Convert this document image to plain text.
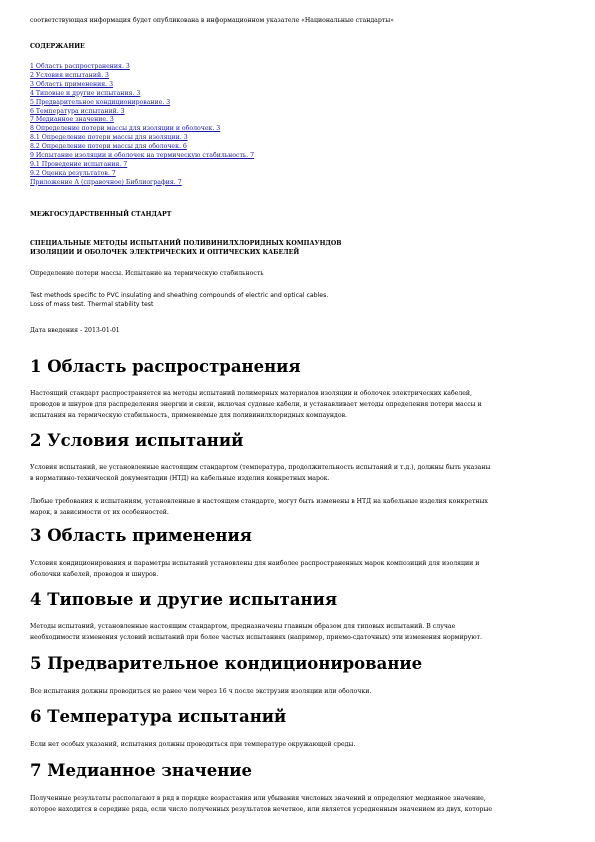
соответствующая информация будет опубликована в информационном указателе «Национальные стандарты»
СОДЕРЖАНИЕ
1 Область распространения. 3
2 Условия испытаний. 3
3 Область применения. 3
4 Типовые и другие испытания. 3
5 Предварительное кондиционирование. 3
6 Температура испытаний. 3
7 Медианное значение. 3
8 Определение потери массы для изоляции и оболочек. 3
8.1 Определение потери массы для изоляции. 3
8.2 Определение потери массы для оболочек. 6
9 Испытание изоляции и оболочек на термическую стабильность. 7
9.1 Проведение испытания. 7
9.2 Оценка результатов. 7
Приложение А (справочное) Библиография. 7
МЕЖГОСУДАРСТВЕННЫЙ СТАНДАРТ
СПЕЦИАЛЬНЫЕ МЕТОДЫ ИСПЫТАНИЙ ПОЛИВИНИЛХЛОРИДНЫХ КОМПАУНДОВ
ИЗОЛЯЦИИ И ОБОЛОЧЕК ЭЛЕКТРИЧЕСКИХ И ОПТИЧЕСКИХ КАБЕЛЕЙ
Определение потери массы. Испытание на термическую стабильность
Test methods specific to PVC insulating and sheathing compounds of electric and optical cables.
Loss of mass test. Thermal stability test
Дата введения - 2013-01-01
1 Область распространения

Настоящий стандарт распространяется на методы испытаний полимерных материалов изоляции и оболочек электрических кабелей,
проводов и шнуров для распределения энергии и связи, включая судовые кабели, и устанавливает методы определения потери массы и
испытания на термическую стабильность, применяемые для поливинилхлоридных компаундов.

2 Условия испытаний

Условия испытаний, не установленные настоящим стандартом (температура, продолжительность испытаний и т.д.), должны быть указаны
в нормативно-технической документации (НТД) на кабельные изделия конкретных марок.

Любые требования к испытаниям, установленные в настоящем стандарте, могут быть изменены в НТД на кабельные изделия конкретных
марок, в зависимости от их особенностей.

3 Область применения

Условия кондиционирования и параметры испытаний установлены для наиболее распространенных марок композиций для изоляции и
оболочки кабелей, проводов и шнуров.

4 Типовые и другие испытания

Методы испытаний, установленные настоящим стандартом, предназначены главным образом для типовых испытаний. В случае
необходимости изменения условий испытаний при более частых испытаниях (например, приемо-сдаточных) эти изменения нормируют.

5 Предварительное кондиционирование

Все испытания должны проводиться не ранее чем через 16 ч после экструзии изоляции или оболочки.

6 Температура испытаний

Если нет особых указаний, испытания должны проводиться при температуре окружающей среды.

7 Медианное значение

Полученные результаты располагают в ряд в порядке возрастания или убывания числовых значений и определяют медианное значение,
которое находится в середине ряда, если число полученных результатов нечетное, или является усредненным значением из двух, которые
